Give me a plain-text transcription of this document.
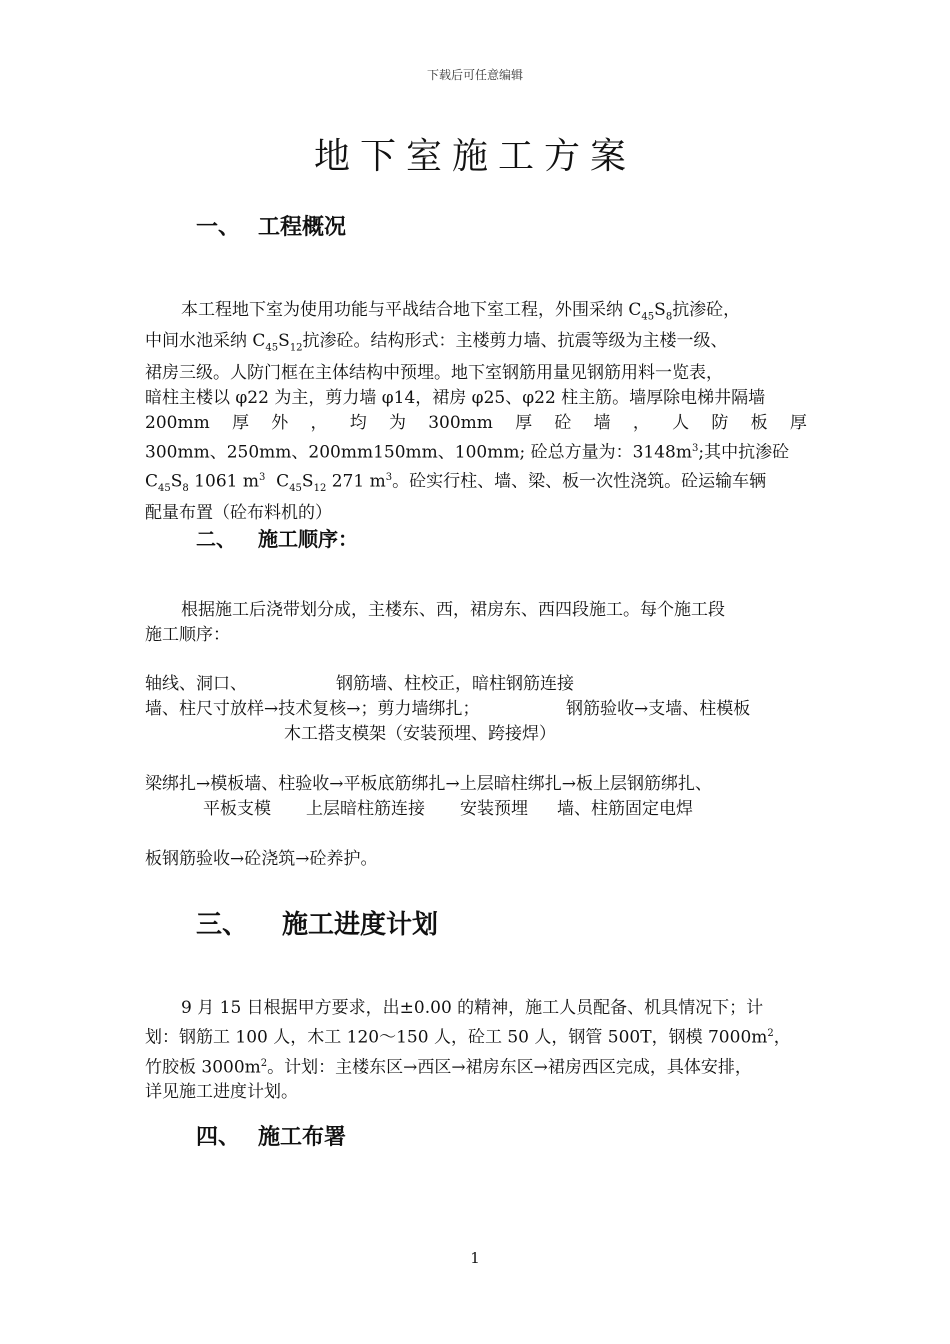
下载后可任意编辑
地下室施工方案
一、 工程概况
本工程地下室为使用功能与平战结合地下室工程，外围采纳 $C_{45}S_8$抗渗砼，
中间水池采纳 $C_{45}S_{12}$抗渗砼。结构形式：主楼剪力墙、抗震等级为主楼一级、
裙房三级。人防门框在主体结构中预埋。地下室钢筋用量见钢筋用料一览表，
暗柱主楼以 φ22 为主，剪力墙 φ14，裙房 φ25、φ22 柱主筋。墙厚除电梯井隔墙
200mm 厚 外 ， 均 为 300mm 厚 砼 墙 ， 人 防 板 厚
300mm、250mm、200mm150mm、100mm; 砼总方量为：$3148m^3$;其中抗渗砼
$C_{45}S_8$ 1061 $m^3$  $C_{45}S_{12}$ 271 $m^3$。砼实行柱、墙、梁、板一次性浇筑。砼运输车辆
配量布置（砼布料机的）
二、 施工顺序：
根据施工后浇带划分成，主楼东、西，裙房东、西四段施工。每个施工段
施工顺序：
轴线、洞口、	钢筋墙、柱校正，暗柱钢筋连接
墙、柱尺寸放样→技术复核→；剪力墙绑扎；	钢筋验收→支墙、柱模板
木工搭支模架（安装预埋、跨接焊）
梁绑扎→模板墙、柱验收→平板底筋绑扎→上层暗柱绑扎→板上层钢筋绑扎、
平板支模 上层暗柱筋连接 安装预埋 墙、柱筋固定电焊
板钢筋验收→砼浇筑→砼养护。
三、 施工进度计划
9 月 15 日根据甲方要求，出±0.00 的精神，施工人员配备、机具情况下；计
划：钢筋工 100 人，木工 120～150 人，砼工 50 人，钢管 500T，钢模 $7000m^2$，
竹胶板 $3000m^2$。计划：主楼东区→西区→裙房东区→裙房西区完成，具体安排，
详见施工进度计划。
四、 施工布署
1
